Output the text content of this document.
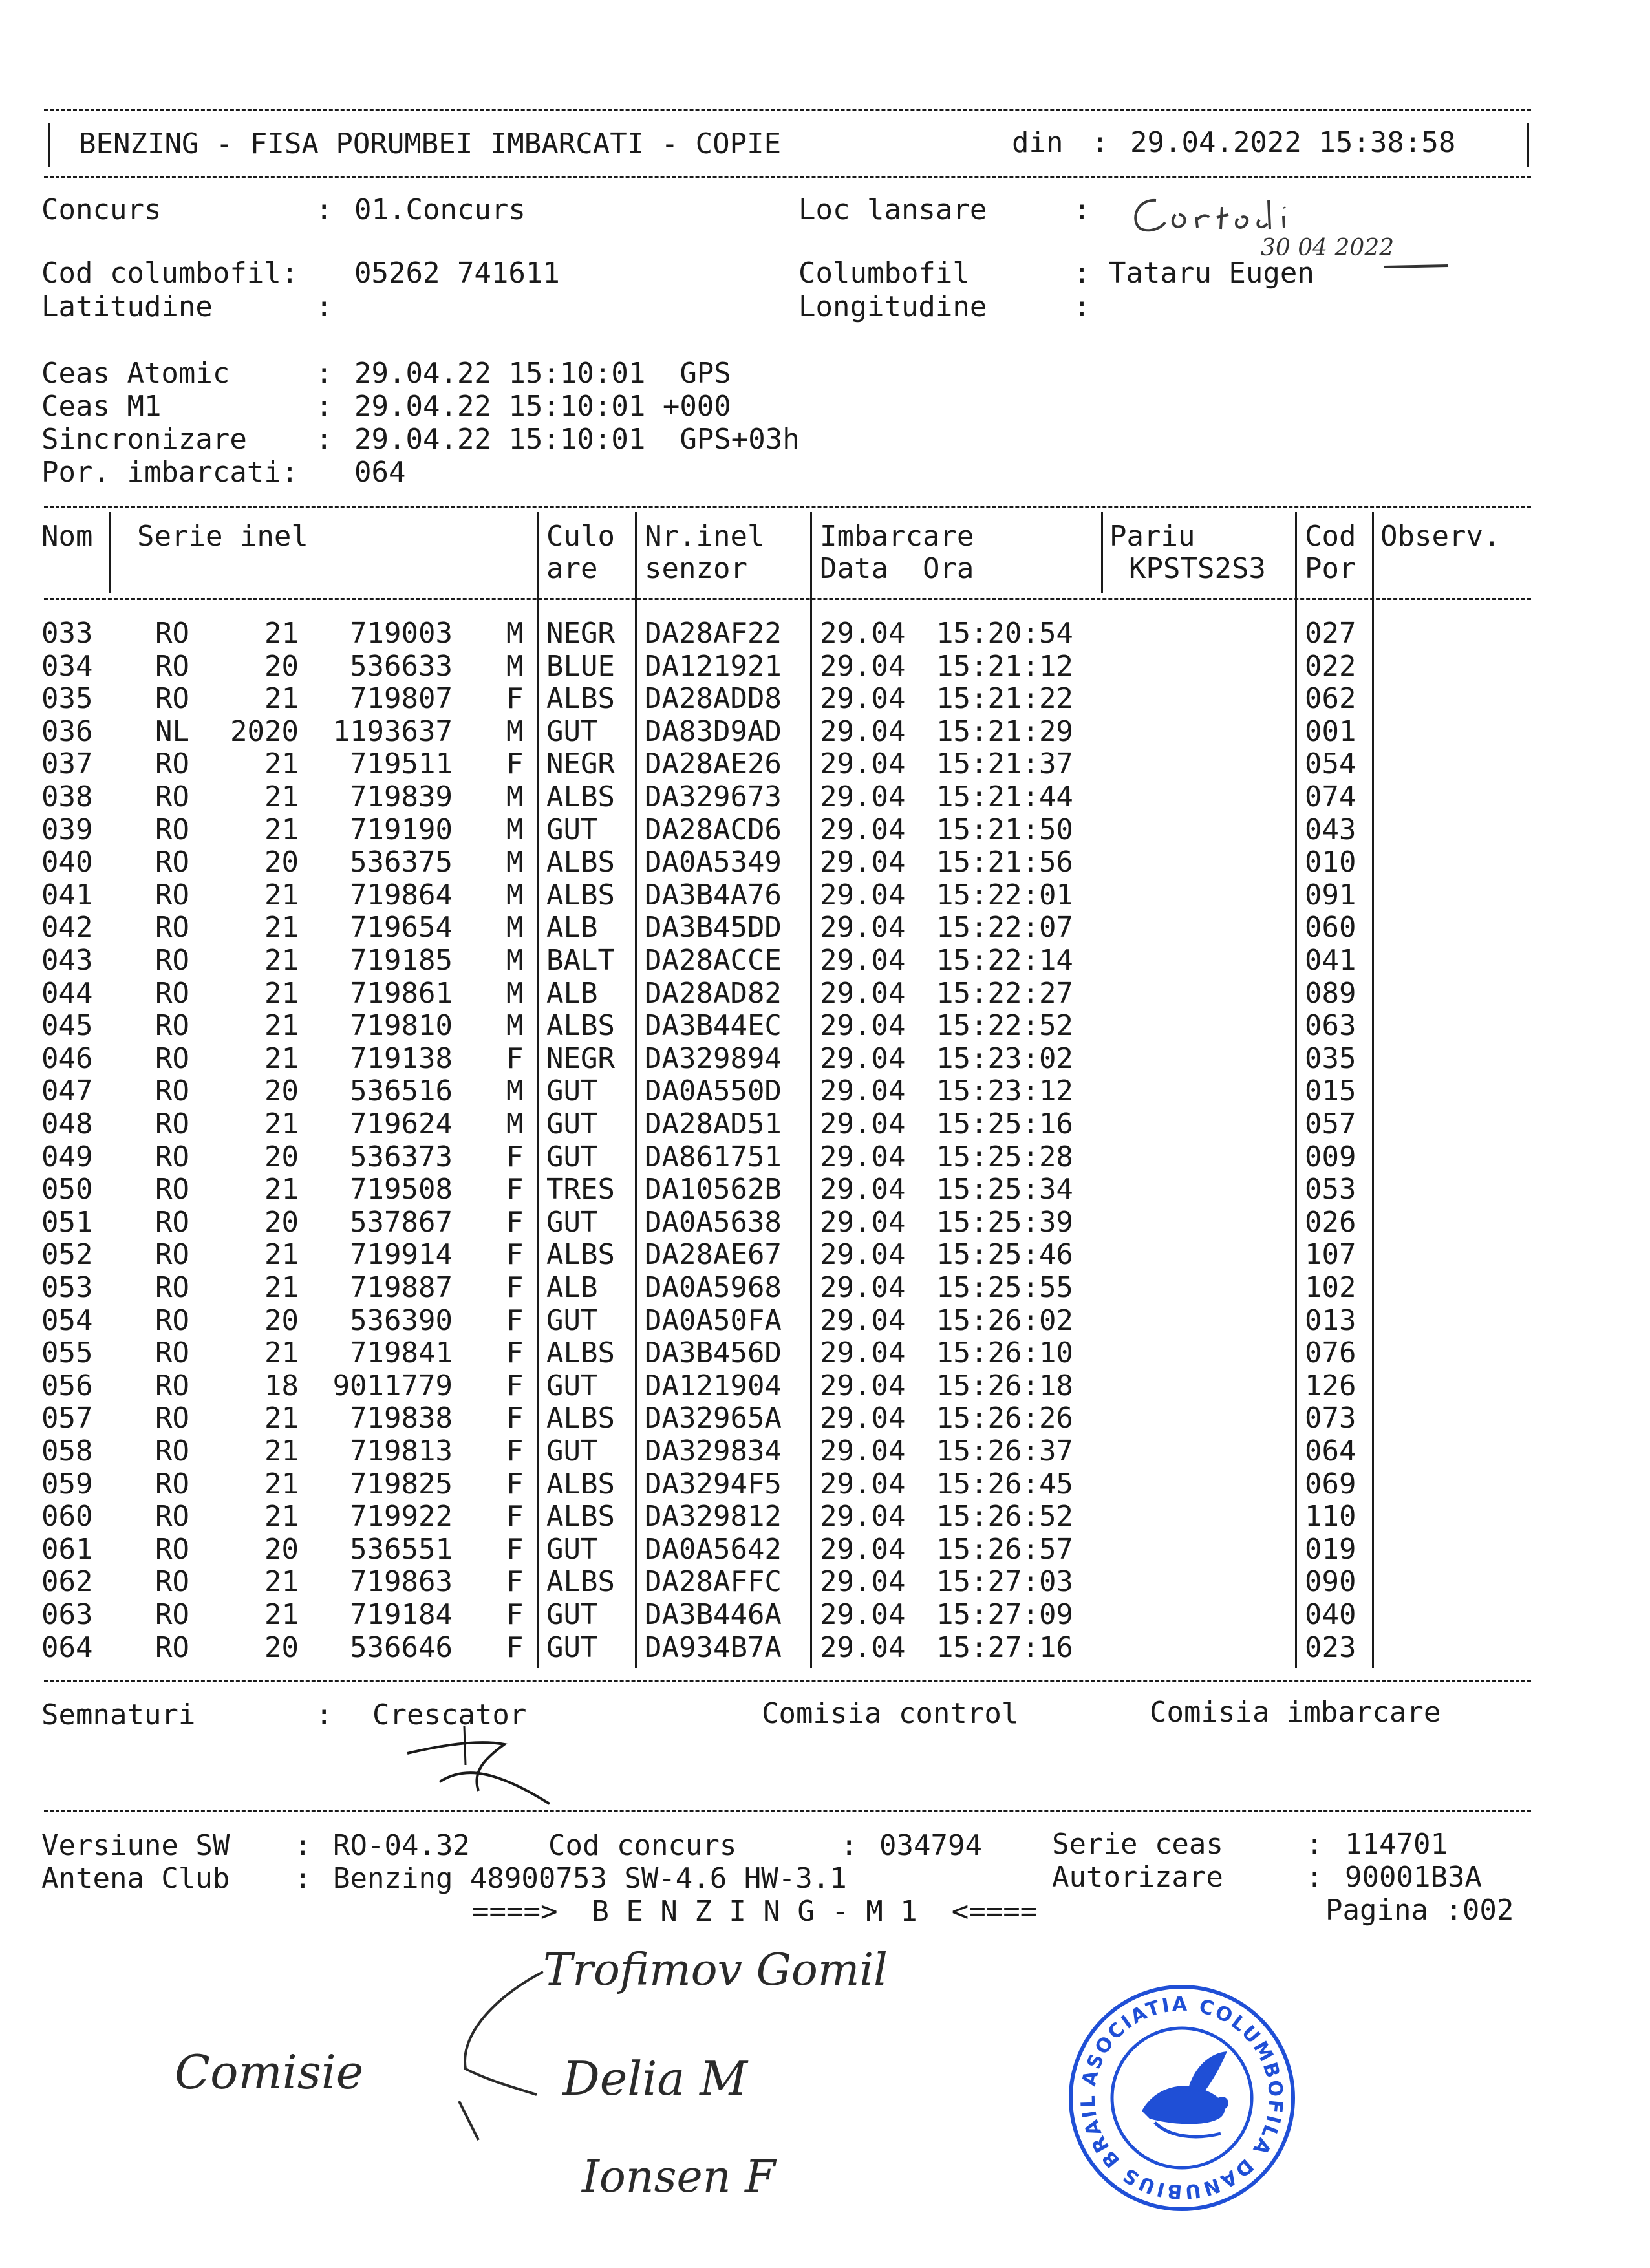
BENZING - FISA PORUMBEI IMBARCATI - COPIE	din : 29.04.2022 15:38:58
Concurs	: 01.Concurs	Loc lansare	:
30 04 2022
Cod columbofil: 05262 741611	Columbofil	: Tataru Eugen
Latitudine	:	Longitudine	:
Ceas Atomic	: 29.04.22 15:10:01  GPS
Ceas M1	: 29.04.22 15:10:01 +000
Sincronizare : 29.04.22 15:10:01  GPS+03h
Por. imbarcati: 064
Nom Serie inel	Culo
are
Nr.inel
senzor
Imbarcare
Data  Ora
Pariu
KPSTS2S3
Cod
Por
Observ.
033 RO	21 719003 M NEGR DA28AF22 29.04 15:20:54	027
034 RO	20 536633 M BLUE DA121921 29.04 15:21:12	022
035 RO	21 719807 F ALBS DA28ADD8 29.04 15:21:22	062
036 NL 2020 1193637 M GUT DA83D9AD 29.04 15:21:29	001
037 RO	21 719511 F NEGR DA28AE26 29.04 15:21:37	054
038 RO	21 719839 M ALBS DA329673 29.04 15:21:44	074
039 RO	21 719190 M GUT DA28ACD6 29.04 15:21:50	043
040 RO	20 536375 M ALBS DA0A5349 29.04 15:21:56	010
041 RO	21 719864 M ALBS DA3B4A76 29.04 15:22:01	091
042 RO	21 719654 M ALB DA3B45DD 29.04 15:22:07	060
043 RO	21 719185 M BALT DA28ACCE 29.04 15:22:14	041
044 RO	21 719861 M ALB DA28AD82 29.04 15:22:27	089
045 RO	21 719810 M ALBS DA3B44EC 29.04 15:22:52	063
046 RO	21 719138 F NEGR DA329894 29.04 15:23:02	035
047 RO	20 536516 M GUT DA0A550D 29.04 15:23:12	015
048 RO	21 719624 M GUT DA28AD51 29.04 15:25:16	057
049 RO	20 536373 F GUT DA861751 29.04 15:25:28	009
050 RO	21 719508 F TRES DA10562B 29.04 15:25:34	053
051 RO	20 537867 F GUT DA0A5638 29.04 15:25:39	026
052 RO	21 719914 F ALBS DA28AE67 29.04 15:25:46	107
053 RO	21 719887 F ALB DA0A5968 29.04 15:25:55	102
054 RO	20 536390 F GUT DA0A50FA 29.04 15:26:02	013
055 RO	21 719841 F ALBS DA3B456D 29.04 15:26:10	076
056 RO	18 9011779 F GUT DA121904 29.04 15:26:18	126
057 RO	21 719838 F ALBS DA32965A 29.04 15:26:26	073
058 RO	21 719813 F GUT DA329834 29.04 15:26:37	064
059 RO	21 719825 F ALBS DA3294F5 29.04 15:26:45	069
060 RO	21 719922 F ALBS DA329812 29.04 15:26:52	110
061 RO	20 536551 F GUT DA0A5642 29.04 15:26:57	019
062 RO	21 719863 F ALBS DA28AFFC 29.04 15:27:03	090
063 RO	21 719184 F GUT DA3B446A 29.04 15:27:09	040
064 RO	20 536646 F GUT DA934B7A 29.04 15:27:16	023
Semnaturi	: Crescator	Comisia control	Comisia imbarcare
Versiune SW : RO-04.32	Cod concurs	: 034794 Serie ceas	: 114701
Antena Club : Benzing 48900753 SW-4.6 HW-3.1	Autorizare	: 90001B3A
====>  B E N Z I N G - M 1  <====	Pagina :002
Comisie
Trofimov Gomil
Delia M
Ionsen F
ASOCIATIA COLUMBOFILA DANUBIUS BRAILA
